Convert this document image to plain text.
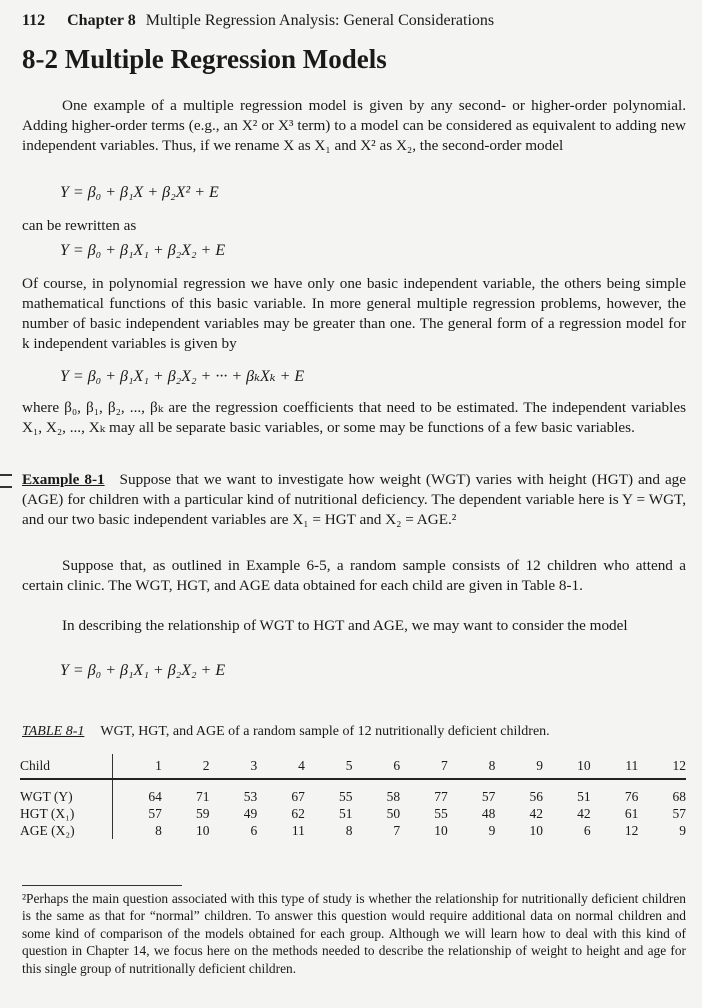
112 Chapter 8 Multiple Regression Analysis: General Considerations
8-2 Multiple Regression Models

One example of a multiple regression model is given by any second- or higher-order polynomial. Adding higher-order terms (e.g., an X² or X³ term) to a model can be considered as equivalent to adding new independent variables. Thus, if we rename X as X₁ and X² as X₂, the second-order model

Y = β₀ + β₁X + β₂X² + E

can be rewritten as

Y = β₀ + β₁X₁ + β₂X₂ + E

Of course, in polynomial regression we have only one basic independent variable, the others being simple mathematical functions of this basic variable. In more general multiple regression problems, however, the number of basic independent variables may be greater than one. The general form of a regression model for k independent variables is given by

Y = β₀ + β₁X₁ + β₂X₂ + ··· + βₖXₖ + E

where β₀, β₁, β₂, ..., βₖ are the regression coefficients that need to be estimated. The independent variables X₁, X₂, ..., Xₖ may all be separate basic variables, or some may be functions of a few basic variables.

Example 8-1 Suppose that we want to investigate how weight (WGT) varies with height (HGT) and age (AGE) for children with a particular kind of nutritional deficiency. The dependent variable here is Y = WGT, and our two basic independent variables are X₁ = HGT and X₂ = AGE.²

Suppose that, as outlined in Example 6-5, a random sample consists of 12 children who attend a certain clinic. The WGT, HGT, and AGE data obtained for each child are given in Table 8-1.

In describing the relationship of WGT to HGT and AGE, we may want to consider the model

Y = β₀ + β₁X₁ + β₂X₂ + E
TABLE 8-1 WGT, HGT, and AGE of a random sample of 12 nutritionally deficient children.
Child	1	2	3	4	5	6	7	8	9	10	11	12
WGT (Y)	64	71	53	67	55	58	77	57	56	51	76	68
HGT (X₁)	57	59	49	62	51	50	55	48	42	42	61	57
AGE (X₂)	8	10	6	11	8	7	10	9	10	6	12	9

²Perhaps the main question associated with this type of study is whether the relationship for nutritionally deficient children is the same as that for “normal” children. To answer this question would require additional data on normal children and some kind of comparison of the models obtained for each group. Although we will learn how to deal with this kind of question in Chapter 14, we focus here on the methods needed to describe the relationship of weight to height and age for this single group of nutritionally deficient children.
